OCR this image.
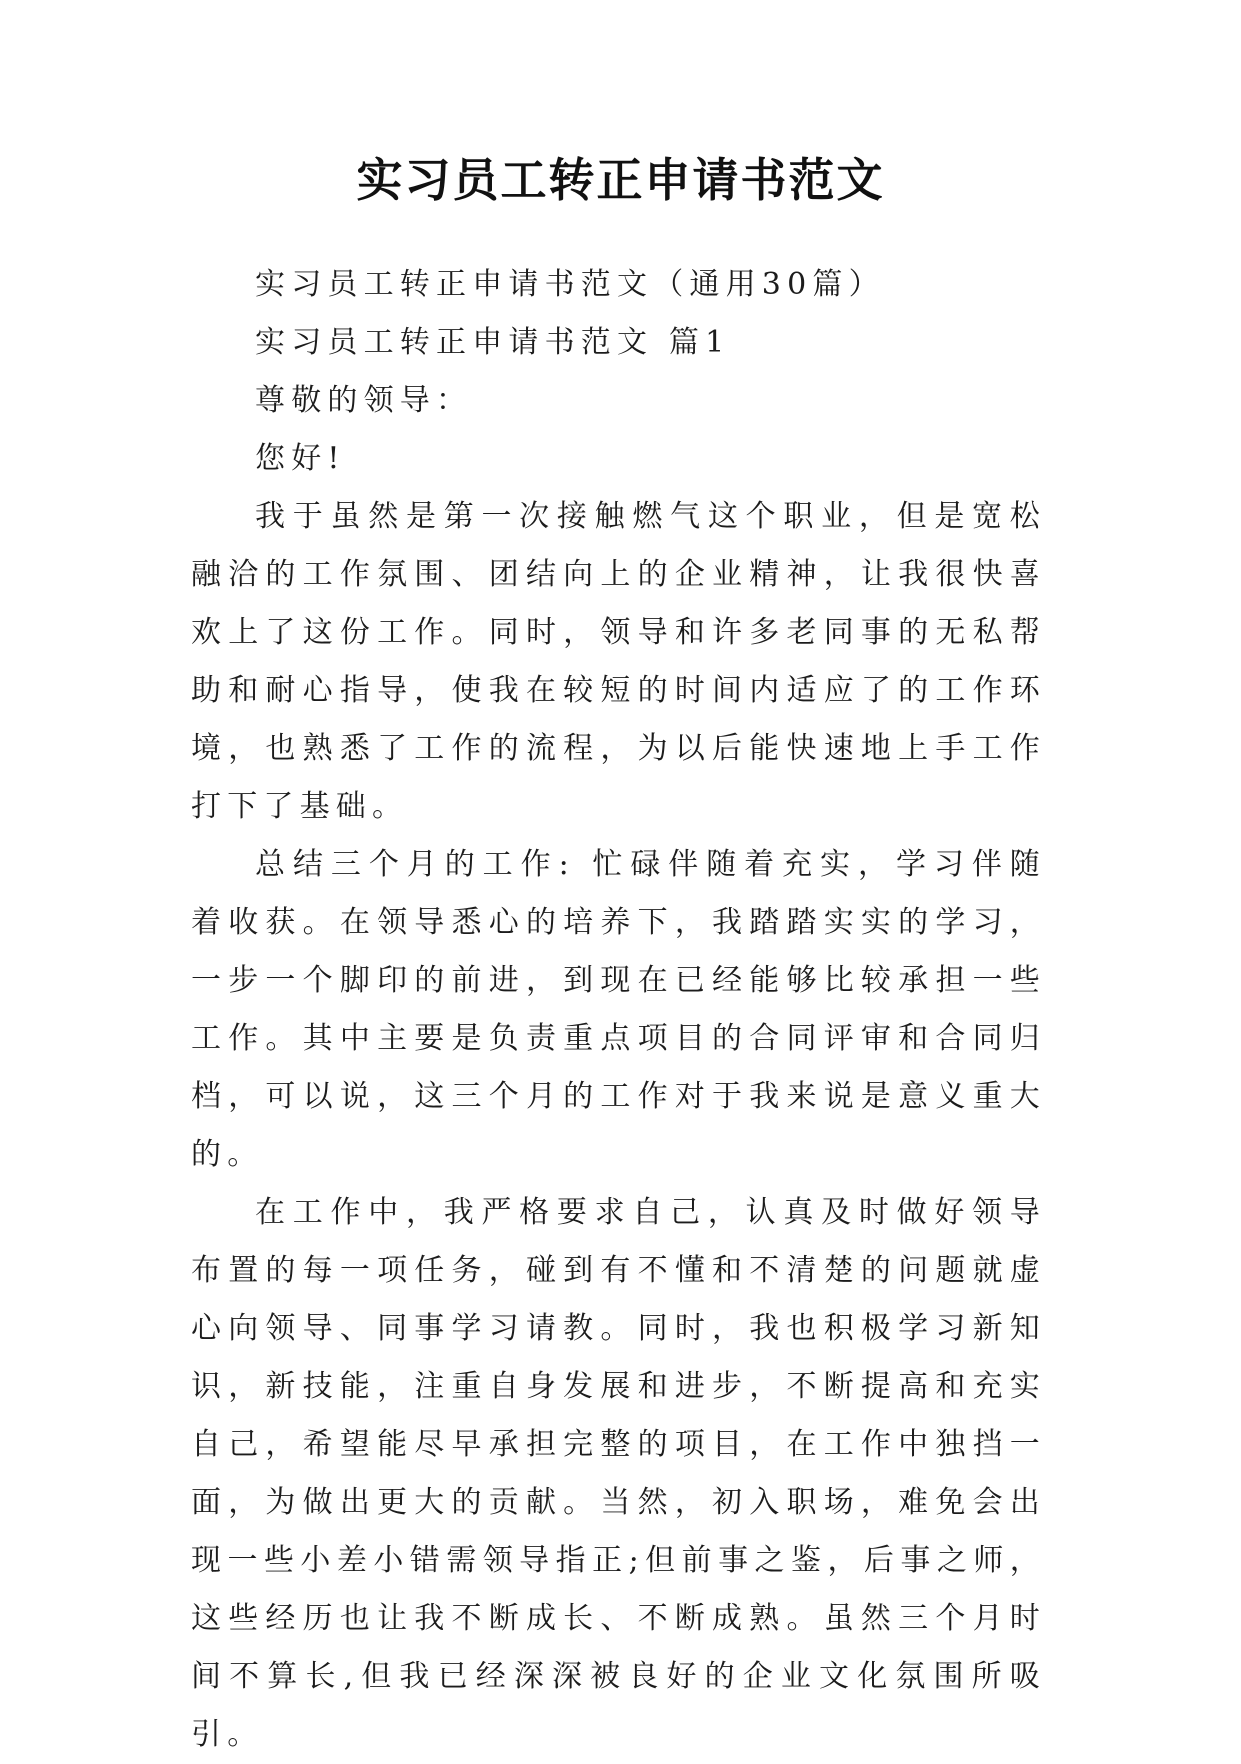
实习员工转正申请书范文

实习员工转正申请书范文（通用30篇）

实习员工转正申请书范文 篇1

尊敬的领导：

您好!

我于虽然是第一次接触燃气这个职业，但是宽松融洽的工作氛围、团结向上的企业精神，让我很快喜欢上了这份工作。同时，领导和许多老同事的无私帮助和耐心指导，使我在较短的时间内适应了的工作环境，也熟悉了工作的流程，为以后能快速地上手工作打下了基础。

总结三个月的工作: 忙碌伴随着充实，学习伴随着收获。在领导悉心的培养下，我踏踏实实的学习，一步一个脚印的前进，到现在已经能够比较承担一些工作。其中主要是负责重点项目的合同评审和合同归档，可以说，这三个月的工作对于我来说是意义重大的。

在工作中，我严格要求自己，认真及时做好领导布置的每一项任务，碰到有不懂和不清楚的问题就虚心向领导、同事学习请教。同时，我也积极学习新知识，新技能，注重自身发展和进步，不断提高和充实自己，希望能尽早承担完整的项目，在工作中独挡一面，为做出更大的贡献。当然，初入职场，难免会出现一些小差小错需领导指正;但前事之鉴，后事之师，这些经历也让我不断成长、不断成熟。虽然三个月时间不算长,但我已经深深被良好的企业文化氛围所吸引。
